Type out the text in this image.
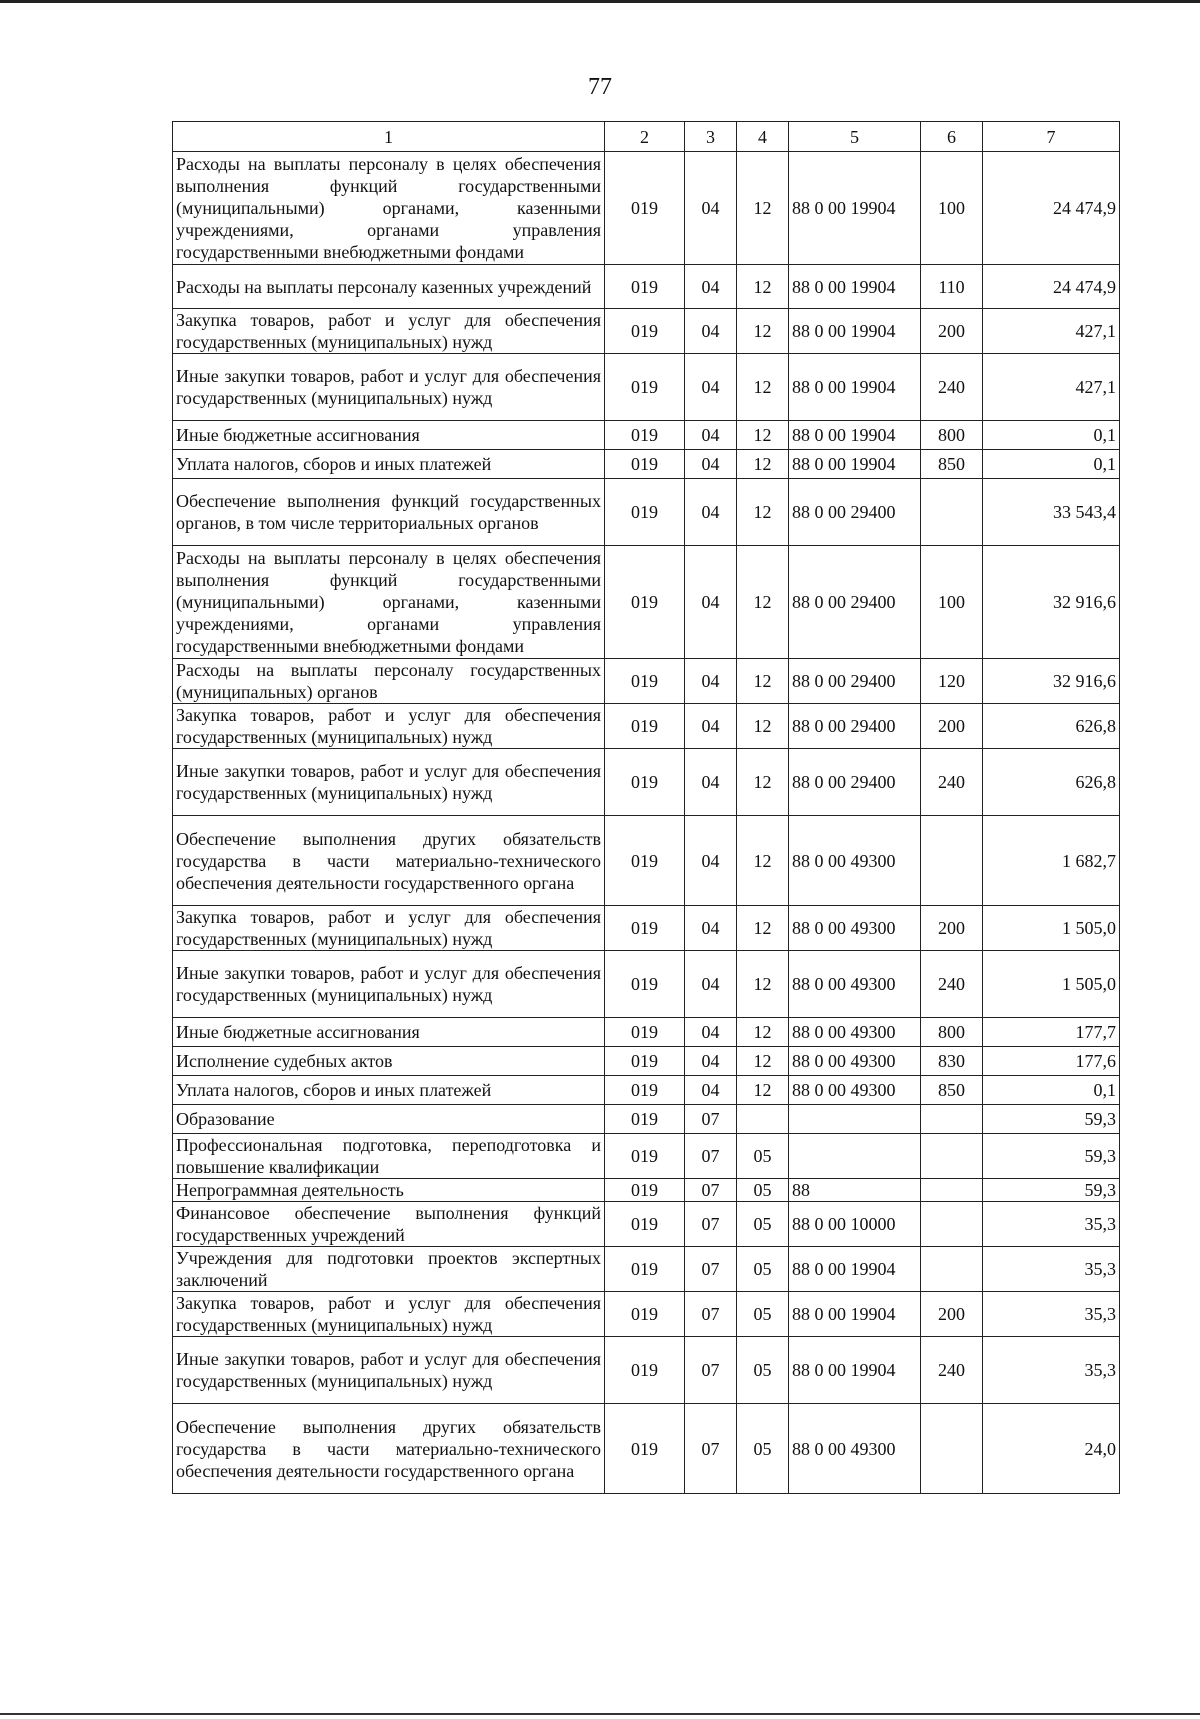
77
1	2	3	4	5	6	7
Расходы на выплаты персоналу в целях обеспечения выполнения функций государственными (муниципальными) органами, казенными учреждениями, органами управления государственными внебюджетными фондами	019	04	12	88 0 00 19904	100	24 474,9
Расходы на выплаты персоналу казенных учреждений	019	04	12	88 0 00 19904	110	24 474,9
Закупка товаров, работ и услуг для обеспечения государственных (муниципальных) нужд	019	04	12	88 0 00 19904	200	427,1
Иные закупки товаров, работ и услуг для обеспечения государственных (муниципальных) нужд	019	04	12	88 0 00 19904	240	427,1
Иные бюджетные ассигнования	019	04	12	88 0 00 19904	800	0,1
Уплата налогов, сборов и иных платежей	019	04	12	88 0 00 19904	850	0,1
Обеспечение выполнения функций государственных органов, в том числе территориальных органов	019	04	12	88 0 00 29400		33 543,4
Расходы на выплаты персоналу в целях обеспечения выполнения функций государственными (муниципальными) органами, казенными учреждениями, органами управления государственными внебюджетными фондами	019	04	12	88 0 00 29400	100	32 916,6
Расходы на выплаты персоналу государственных (муниципальных) органов	019	04	12	88 0 00 29400	120	32 916,6
Закупка товаров, работ и услуг для обеспечения государственных (муниципальных) нужд	019	04	12	88 0 00 29400	200	626,8
Иные закупки товаров, работ и услуг для обеспечения государственных (муниципальных) нужд	019	04	12	88 0 00 29400	240	626,8
Обеспечение выполнения других обязательств государства в части материально-технического обеспечения деятельности государственного органа	019	04	12	88 0 00 49300		1 682,7
Закупка товаров, работ и услуг для обеспечения государственных (муниципальных) нужд	019	04	12	88 0 00 49300	200	1 505,0
Иные закупки товаров, работ и услуг для обеспечения государственных (муниципальных) нужд	019	04	12	88 0 00 49300	240	1 505,0
Иные бюджетные ассигнования	019	04	12	88 0 00 49300	800	177,7
Исполнение судебных актов	019	04	12	88 0 00 49300	830	177,6
Уплата налогов, сборов и иных платежей	019	04	12	88 0 00 49300	850	0,1
Образование	019	07				59,3
Профессиональная подготовка, переподготовка и повышение квалификации	019	07	05			59,3
Непрограммная деятельность	019	07	05	88		59,3
Финансовое обеспечение выполнения функций государственных учреждений	019	07	05	88 0 00 10000		35,3
Учреждения для подготовки проектов экспертных заключений	019	07	05	88 0 00 19904		35,3
Закупка товаров, работ и услуг для обеспечения государственных (муниципальных) нужд	019	07	05	88 0 00 19904	200	35,3
Иные закупки товаров, работ и услуг для обеспечения государственных (муниципальных) нужд	019	07	05	88 0 00 19904	240	35,3
Обеспечение выполнения других обязательств государства в части материально-технического обеспечения деятельности государственного органа	019	07	05	88 0 00 49300		24,0
